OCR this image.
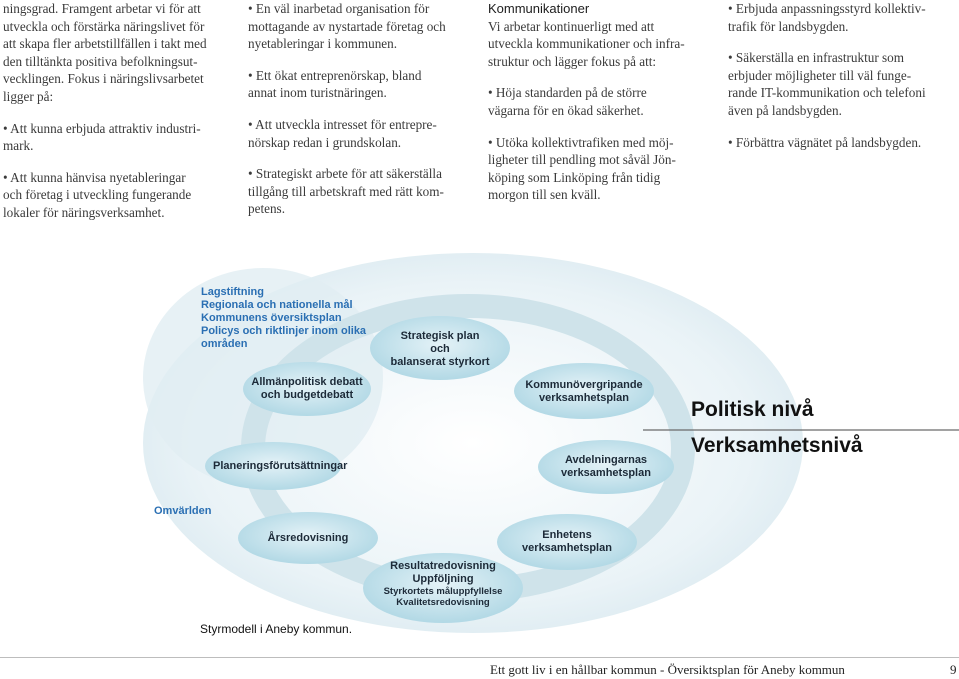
ningsgrad. Framgent arbetar vi för att
utveckla och förstärka näringslivet för
att skapa fler arbetstillfällen i takt med
den tilltänkta positiva befolkningsut-
vecklingen. Fokus i näringslivsarbetet
ligger på:

• Att kunna erbjuda attraktiv industri-
mark.

• Att kunna hänvisa nyetableringar
och företag i utveckling fungerande
lokaler för näringsverksamhet.

• En väl inarbetad organisation för
mottagande av nystartade företag och
nyetableringar i kommunen.

• Ett ökat entreprenörskap, bland
annat inom turistnäringen.

• Att utveckla intresset för entrepre-
nörskap redan i grundskolan.

• Strategiskt arbete för att säkerställa
tillgång till arbetskraft med rätt kom-
petens.

Kommunikationer
Vi arbetar kontinuerligt med att
utveckla kommunikationer och infra-
struktur och lägger fokus på att:

• Höja standarden på de större
vägarna för en ökad säkerhet.

• Utöka kollektivtrafiken med möj-
ligheter till pendling mot såväl Jön-
köping som Linköping från tidig
morgon till sen kväll.

• Erbjuda anpassningsstyrd kollektiv-
trafik för landsbygden.

• Säkerställa en infrastruktur som
erbjuder möjligheter till väl funge-
rande IT-kommunikation och telefoni
även på landsbygden.

• Förbättra vägnätet på landsbygden.

Lagstiftning
Regionala och nationella mål
Kommunens översiktsplan
Policys och riktlinjer inom olika
områden
Omvärlden
Strategisk plan
och
balanserat styrkort
Allmänpolitisk debatt
och budgetdebatt
Kommunövergripande
verksamhetsplan
Planeringsförutsättningar	Avdelningarnas
verksamhetsplan
Årsredovisning	Enhetens
verksamhetsplan
Resultatredovisning
Uppföljning
Styrkortets måluppfyllelse
Kvalitetsredovisning
Politisk nivå
Verksamhetsnivå
Styrmodell i Aneby kommun.
Ett gott liv i en hållbar kommun - Översiktsplan för Aneby kommun	9
